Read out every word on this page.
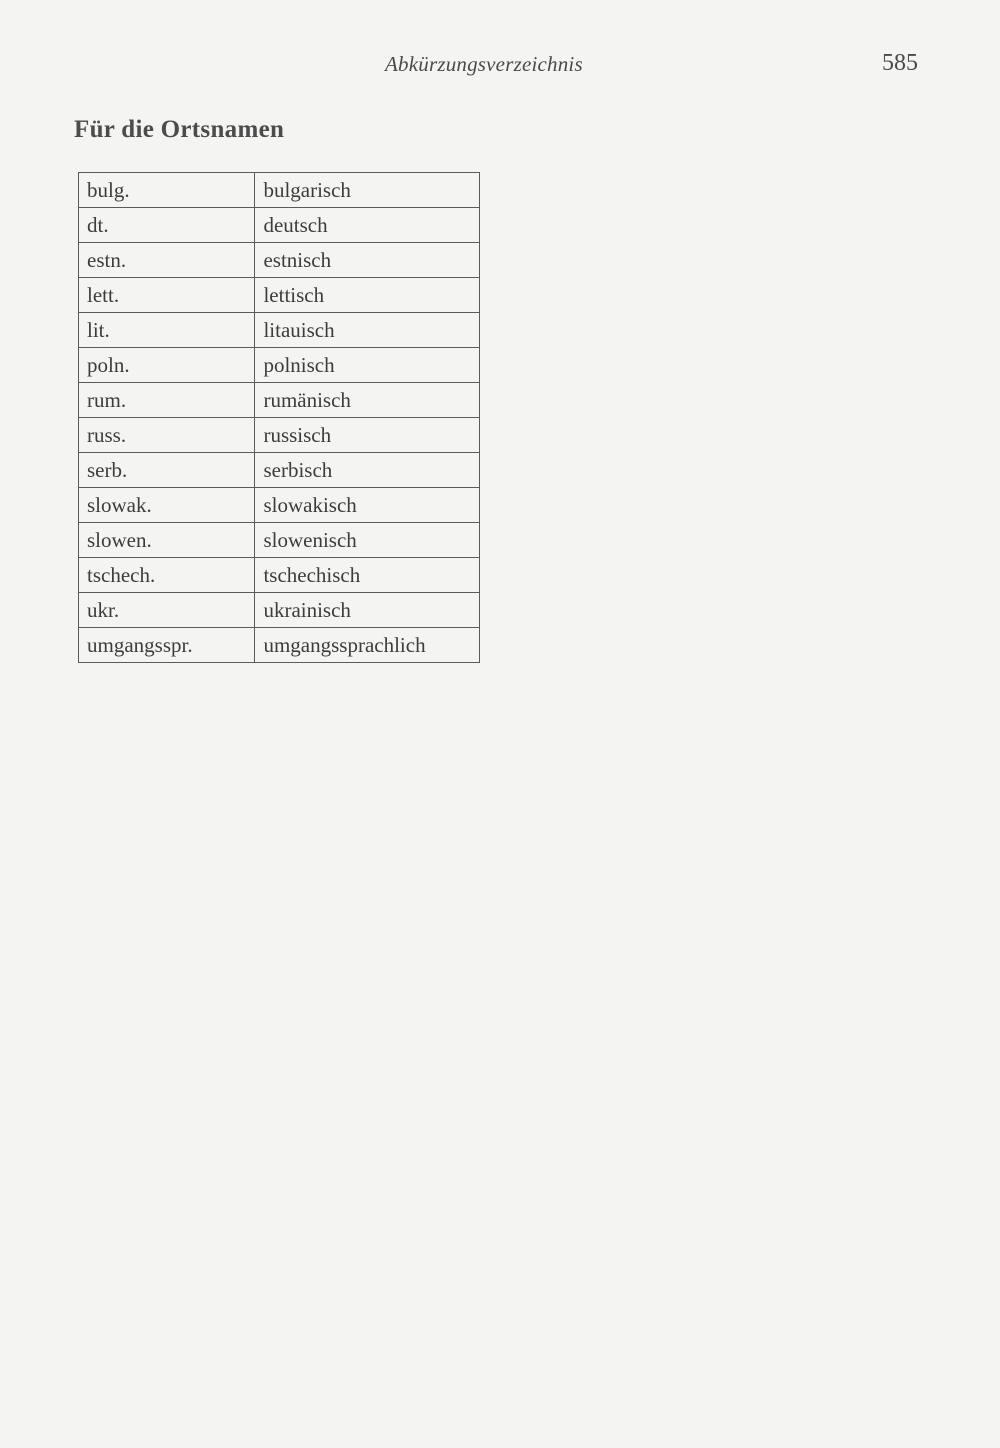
Abkürzungsverzeichnis	585
Für die Ortsnamen
bulg.	bulgarisch
dt.	deutsch
estn.	estnisch
lett.	lettisch
lit.	litauisch
poln.	polnisch
rum.	rumänisch
russ.	russisch
serb.	serbisch
slowak.	slowakisch
slowen.	slowenisch
tschech.	tschechisch
ukr.	ukrainisch
umgangsspr.	umgangssprachlich
